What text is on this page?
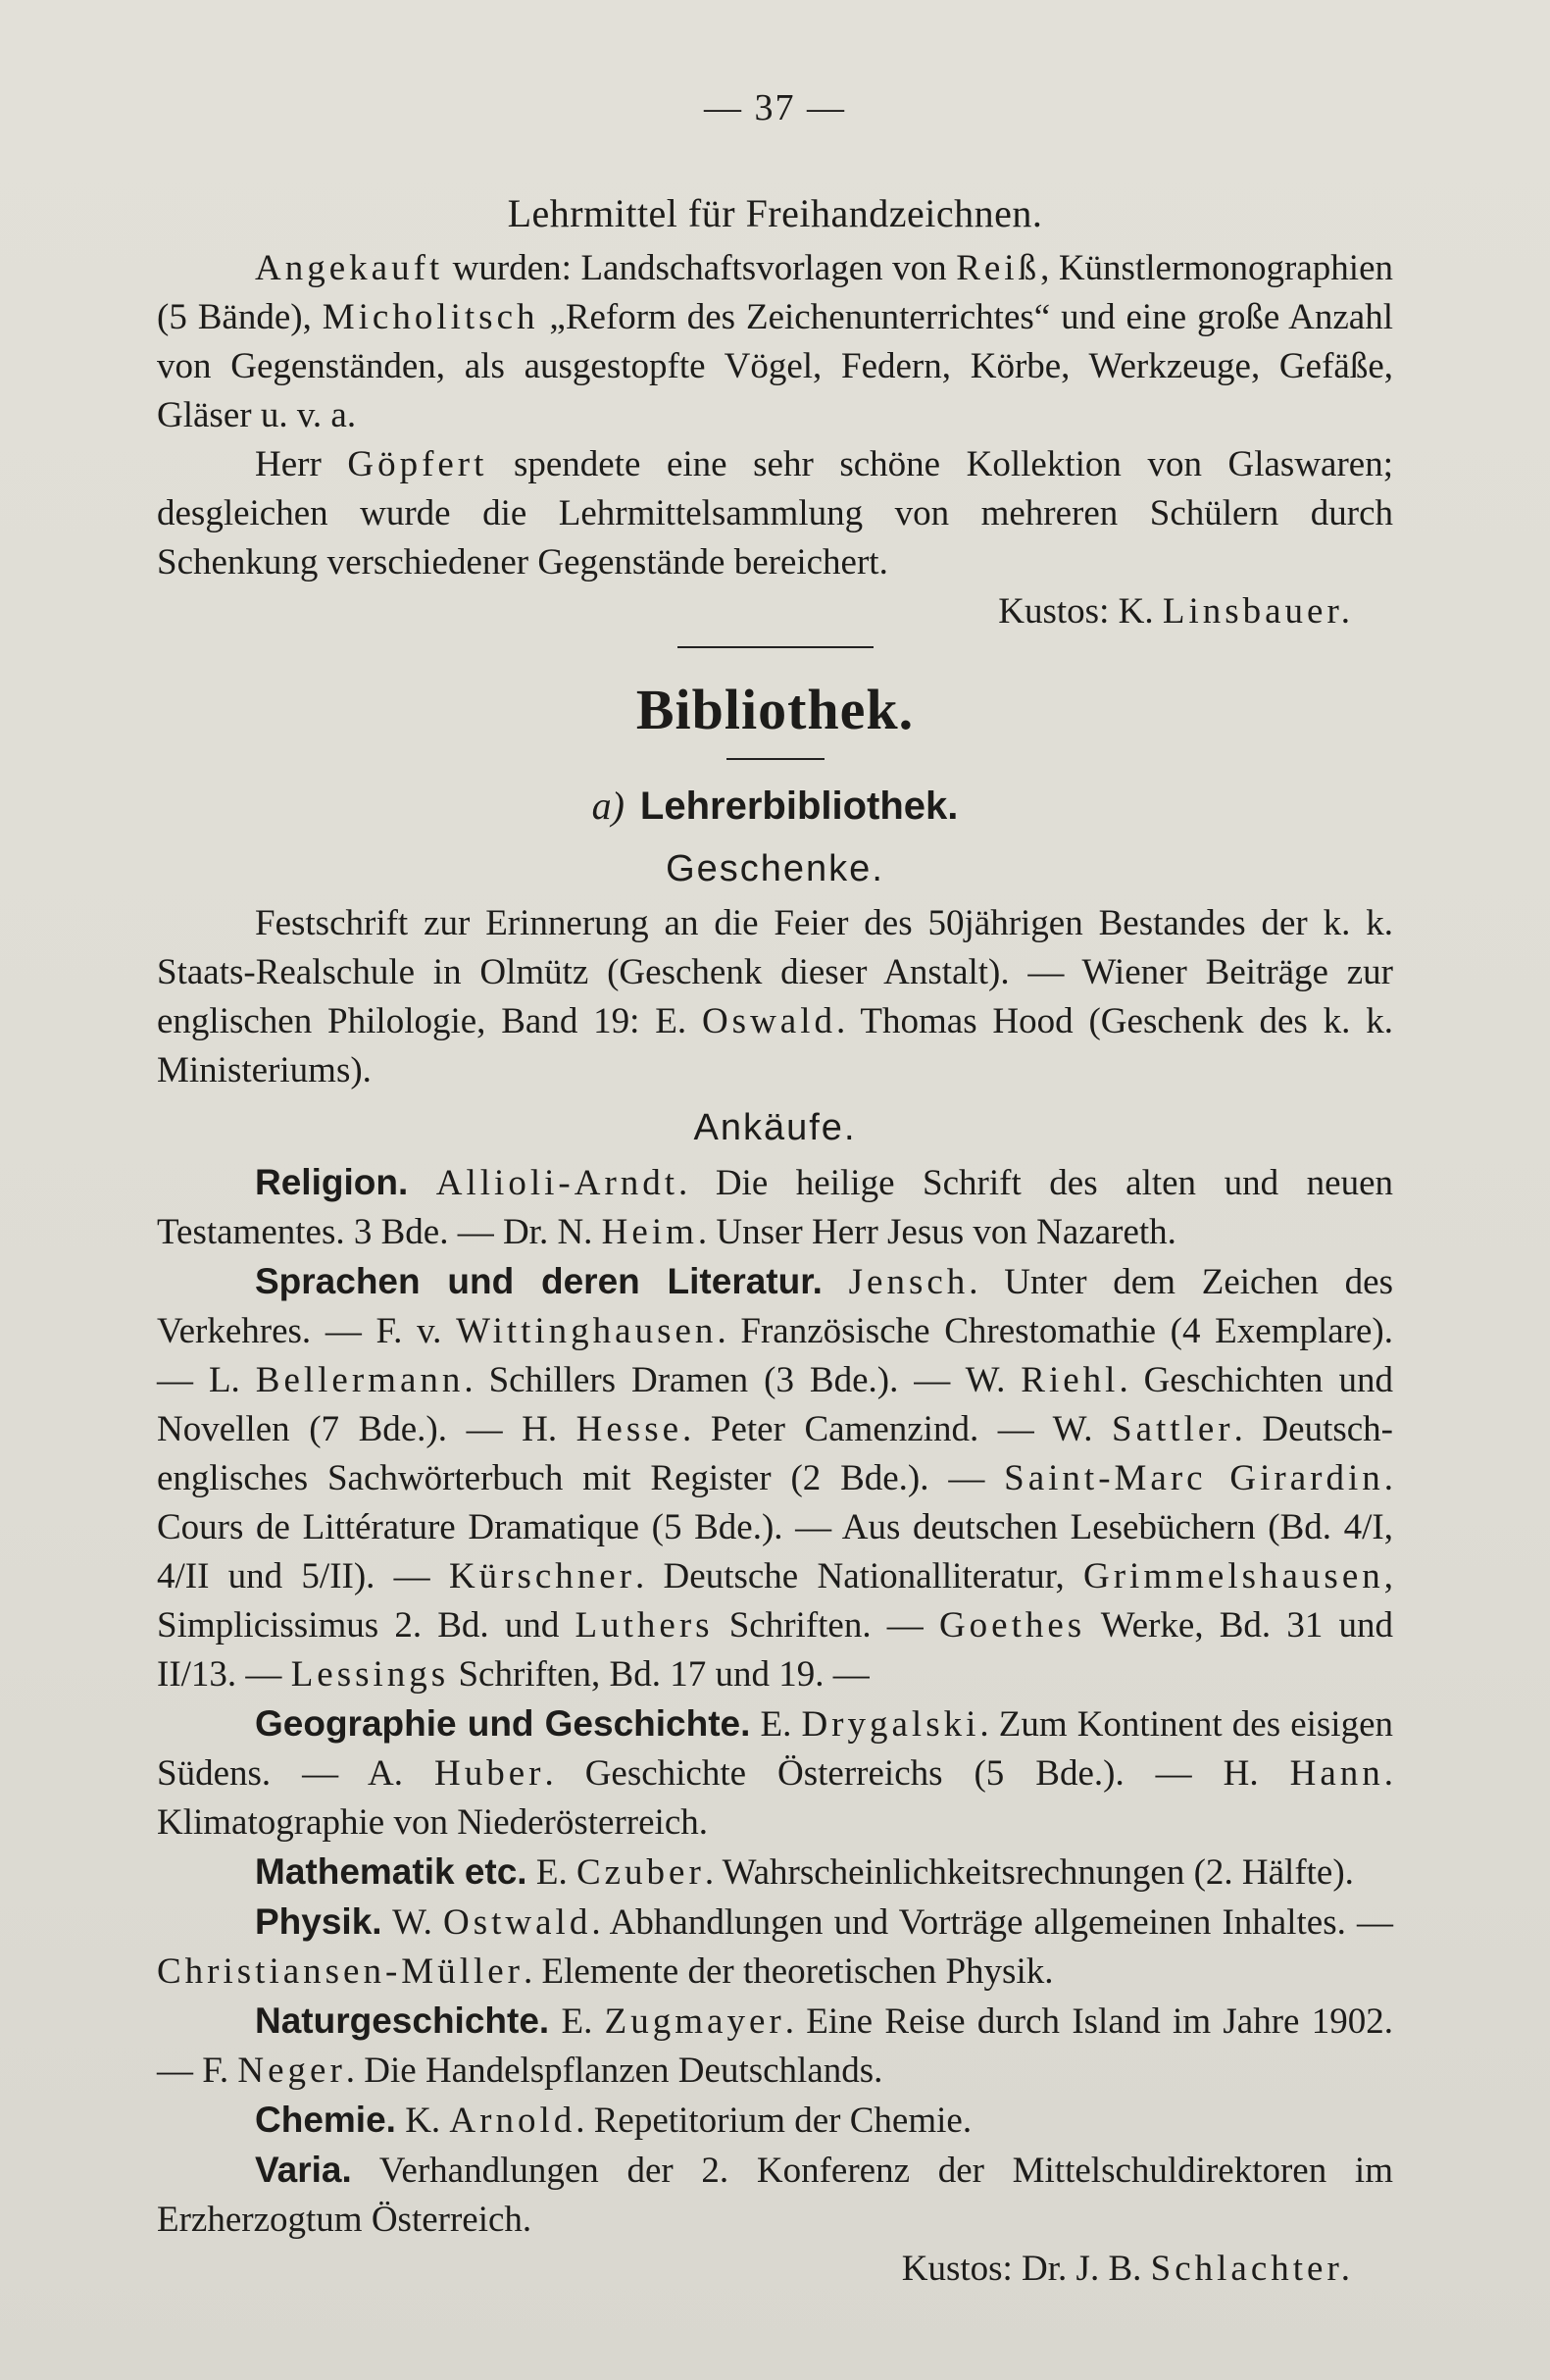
— 37 —
Lehrmittel für Freihandzeichnen.

Angekauft wurden: Landschaftsvorlagen von Reiß, Künstlermonographien (5 Bände), Micholitsch „Reform des Zeichenunterrichtes“ und eine große Anzahl von Gegenständen, als ausgestopfte Vögel, Federn, Körbe, Werkzeuge, Gefäße, Gläser u. v. a.

Herr Göpfert spendete eine sehr schöne Kollektion von Glaswaren; desgleichen wurde die Lehrmittelsammlung von mehreren Schülern durch Schenkung verschiedener Gegenstände bereichert.

Kustos: K. Linsbauer.

Bibliothek.
a) Lehrerbibliothek.
Geschenke.

Festschrift zur Erinnerung an die Feier des 50jährigen Bestandes der k. k. Staats-Realschule in Olmütz (Geschenk dieser Anstalt). — Wiener Beiträge zur englischen Philologie, Band 19: E. Oswald. Thomas Hood (Geschenk des k. k. Ministeriums).

Ankäufe.

Religion. Allioli-Arndt. Die heilige Schrift des alten und neuen Testamentes. 3 Bde. — Dr. N. Heim. Unser Herr Jesus von Nazareth.

Sprachen und deren Literatur. Jensch. Unter dem Zeichen des Verkehres. — F. v. Wittinghausen. Französische Chrestomathie (4 Exemplare). — L. Bellermann. Schillers Dramen (3 Bde.). — W. Riehl. Geschichten und Novellen (7 Bde.). — H. Hesse. Peter Camenzind. — W. Sattler. Deutsch-englisches Sachwörterbuch mit Register (2 Bde.). — Saint-Marc Girardin. Cours de Littérature Dramatique (5 Bde.). — Aus deutschen Lesebüchern (Bd. 4/I, 4/II und 5/II). — Kürschner. Deutsche Nationalliteratur, Grimmelshausen, Simplicissimus 2. Bd. und Luthers Schriften. — Goethes Werke, Bd. 31 und II/13. — Lessings Schriften, Bd. 17 und 19. —

Geographie und Geschichte. E. Drygalski. Zum Kontinent des eisigen Südens. — A. Huber. Geschichte Österreichs (5 Bde.). — H. Hann. Klimatographie von Niederösterreich.

Mathematik etc. E. Czuber. Wahrscheinlichkeitsrechnungen (2. Hälfte).

Physik. W. Ostwald. Abhandlungen und Vorträge allgemeinen Inhaltes. — Christiansen-Müller. Elemente der theoretischen Physik.

Naturgeschichte. E. Zugmayer. Eine Reise durch Island im Jahre 1902. — F. Neger. Die Handelspflanzen Deutschlands.

Chemie. K. Arnold. Repetitorium der Chemie.

Varia. Verhandlungen der 2. Konferenz der Mittelschuldirektoren im Erzherzogtum Österreich.

Kustos: Dr. J. B. Schlachter.
